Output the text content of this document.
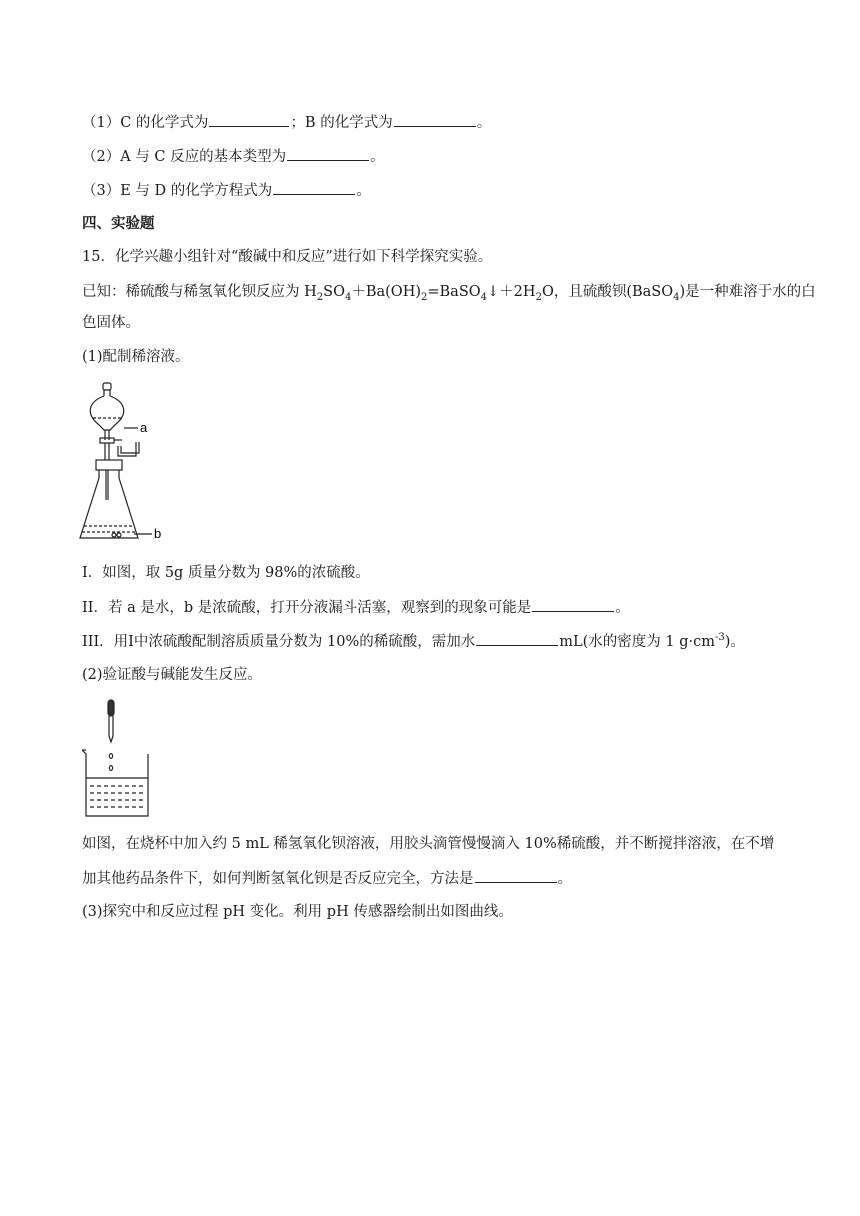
（1）C 的化学式为	；B 的化学式为	。
（2）A 与 C 反应的基本类型为	。
（3）E 与 D 的化学方程式为	。
四、实验题
15．化学兴趣小组针对“酸碱中和反应”进行如下科学探究实验。
已知：稀硫酸与稀氢氧化钡反应为 $H_2SO_4+Ba(OH)_2=BaSO_4↓+2H_2O$，且硫酸钡(BaSO$_4$)是一种难溶于水的白
色固体。
(1)配制稀溶液。
a
b
I．如图，取 5g 质量分数为 98%的浓硫酸。
II．若 a 是水，b 是浓硫酸，打开分液漏斗活塞，观察到的现象可能是	。
III．用I中浓硫酸配制溶质质量分数为 10%的稀硫酸，需加水	mL(水的密度为 1 $g\cdot cm^{-3}$)。
(2)验证酸与碱能发生反应。
如图，在烧杯中加入约 5 mL 稀氢氧化钡溶液，用胶头滴管慢慢滴入 10%稀硫酸，并不断搅拌溶液，在不增
加其他药品条件下，如何判断氢氧化钡是否反应完全，方法是	。
(3)探究中和反应过程 pH 变化。利用 pH 传感器绘制出如图曲线。
